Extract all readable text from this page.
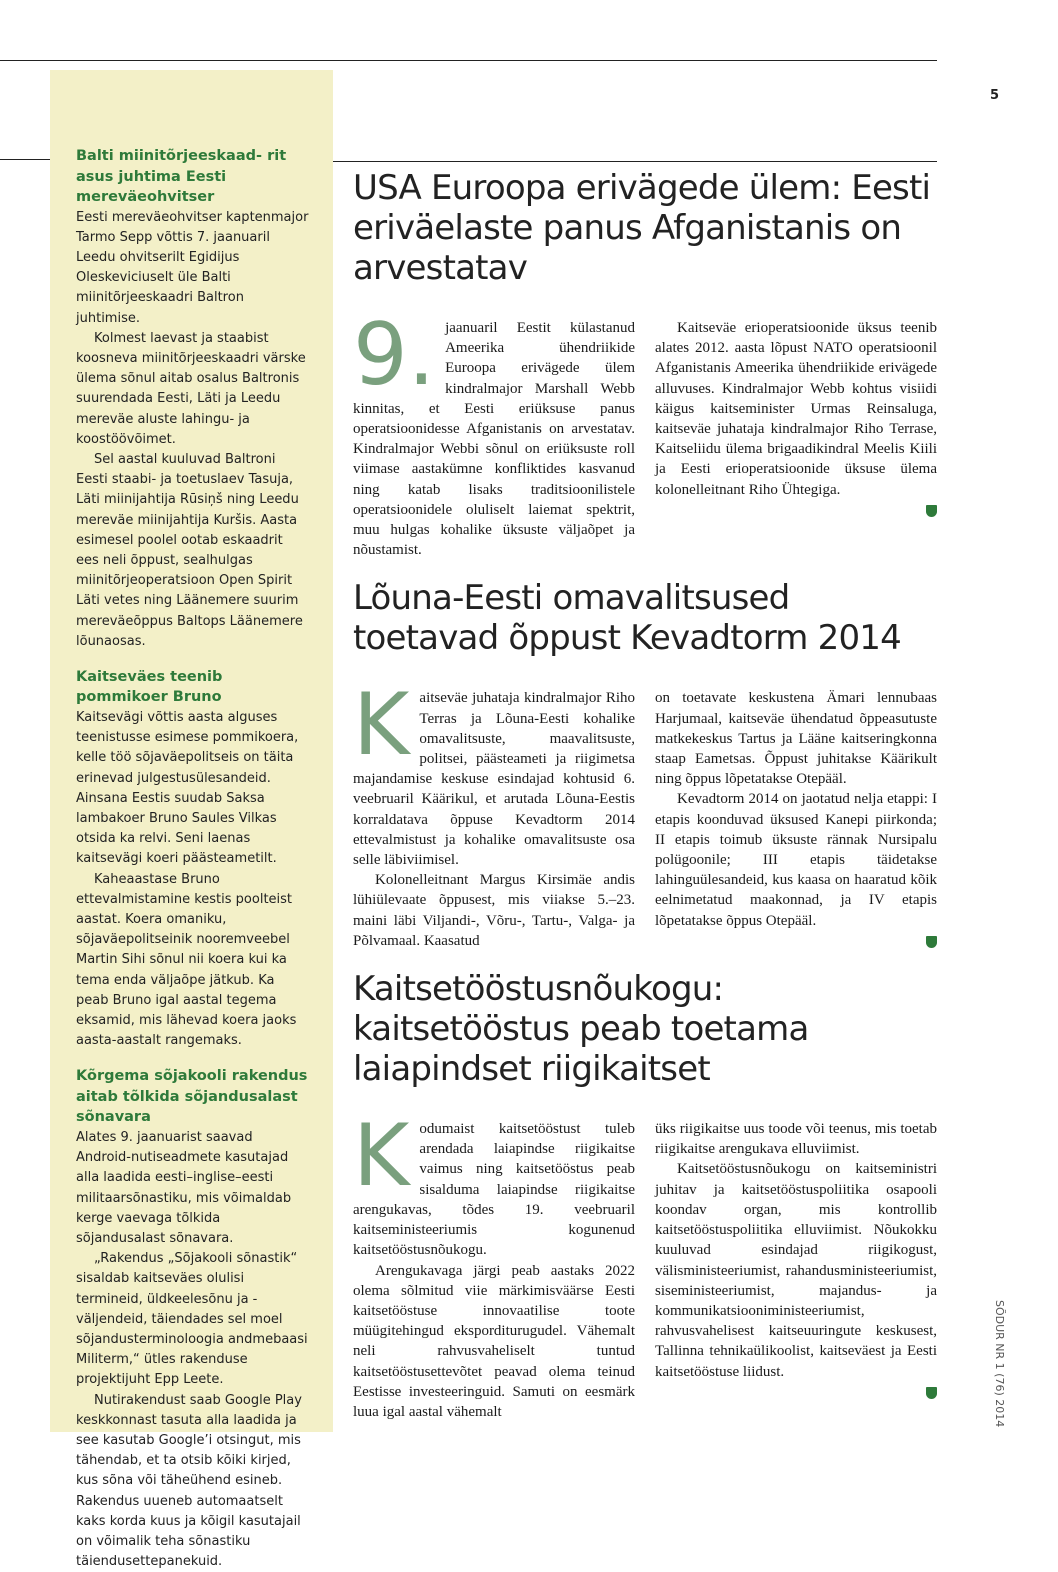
5
SÕDUR NR 1 (76) 2014
Balti miinitõrjeeskaad- rit asus juhtima Eesti mereväeohvitser

Eesti mereväeohvitser kaptenmajor Tarmo Sepp võttis 7. jaanuaril Leedu ohvitserilt Egidijus Oleskeviciuselt üle Balti miinitõrjeeskaadri Baltron juhtimise.

Kolmest laevast ja staabist koosneva miinitõrjeeskaadri värske ülema sõnul aitab osalus Baltronis suurendada Eesti, Läti ja Leedu mereväe aluste lahingu- ja koostöövõimet.

Sel aastal kuuluvad Baltroni Eesti staabi- ja toetuslaev Tasuja, Läti miinijahtija Rūsiņš ning Leedu mereväe miinijahtija Kuršis. Aasta esimesel poolel ootab eskaadrit ees neli õppust, sealhulgas miinitõrjeoperatsioon Open Spirit Läti vetes ning Läänemere suurim mereväeõppus Baltops Läänemere lõunaosas.

Kaitseväes teenib pommikoer Bruno

Kaitsevägi võttis aasta alguses teenistusse esimese pommikoera, kelle töö sõjaväepolitseis on täita erinevad julgestusülesandeid. Ainsana Eestis suudab Saksa lambakoer Bruno Saules Vilkas otsida ka relvi. Seni laenas kaitsevägi koeri päästeametilt.

Kaheaastase Bruno ettevalmistamine kestis poolteist aastat. Koera omaniku, sõjaväepolitseinik nooremveebel Martin Sihi sõnul nii koera kui ka tema enda väljaõpe jätkub. Ka peab Bruno igal aastal tegema eksamid, mis lähevad koera jaoks aasta-aastalt rangemaks.

Kõrgema sõjakooli rakendus aitab tõlkida sõjandusalast sõnavara

Alates 9. jaanuarist saavad Android-nutiseadmete kasutajad alla laadida eesti–inglise–eesti militaarsõnastiku, mis võimaldab kerge vaevaga tõlkida sõjandusalast sõnavara.

„Rakendus „Sõjakooli sõnastik“ sisaldab kaitseväes olulisi termineid, üldkeelesõnu ja -väljendeid, täiendades sel moel sõjandusterminoloogia andmebaasi Militerm,“ ütles rakenduse projektijuht Epp Leete.

Nutirakendust saab Google Play keskkonnast tasuta alla laadida ja see kasutab Google’i otsingut, mis tähendab, et ta otsib kõiki kirjed, kus sõna või täheühend esineb. Rakendus uueneb automaatselt kaks korda kuus ja kõigil kasutajail on võimalik teha sõnastiku täiendusettepanekuid.

USA Euroopa erivägede ülem: Eesti eriväelaste panus Afganistanis on arvestatav
9. jaanuaril Eestit külastanud Ameerika ühendriikide Euroopa erivägede ülem kindralmajor Marshall Webb kinnitas, et Eesti eriüksuse panus operatsioonidesse Afganistanis on arvestatav. Kindralmajor Webbi sõnul on eriüksuste roll viimase aastakümne konfliktides kasvanud ning katab lisaks traditsioonilistele operatsioonidele oluliselt laiemat spektrit, muu hulgas kohalike üksuste väljaõpet ja nõustamist.

Kaitseväe erioperatsioonide üksus teenib alates 2012. aasta lõpust NATO operatsioonil Afganistanis Ameerika ühendriikide erivägede alluvuses. Kindralmajor Webb kohtus visiidi käigus kaitseminister Urmas Reinsaluga, kaitseväe juhataja kindralmajor Riho Terrase, Kaitseliidu ülema brigaadikindral Meelis Kiili ja Eesti erioperatsioonide üksuse ülema kolonelleitnant Riho Ühtegiga.

Lõuna-Eesti omavalitsused toetavad õppust Kevadtorm 2014
K aitseväe juhataja kindralmajor Riho Terras ja Lõuna-Eesti kohalike omavalitsuste, maavalitsuste, politsei, päästeameti ja riigimetsa majandamise keskuse esindajad kohtusid 6. veebruaril Käärikul, et arutada Lõuna-Eestis korraldatava õppuse Kevadtorm 2014 ettevalmistust ja kohalike omavalitsuste osa selle läbiviimisel.

Kolonelleitnant Margus Kirsimäe andis lühiülevaate õppusest, mis viiakse 5.–23. maini läbi Viljandi-, Võru-, Tartu-, Valga- ja Põlvamaal. Kaasatud

on toetavate keskustena Ämari lennubaas Harjumaal, kaitseväe ühendatud õppeasutuste matkekeskus Tartus ja Lääne kaitseringkonna staap Eametsas. Õppust juhitakse Käärikult ning õppus lõpetatakse Otepääl.

Kevadtorm 2014 on jaotatud nelja etappi: I etapis koonduvad üksused Kanepi piirkonda; II etapis toimub üksuste rännak Nursipalu polügoonile; III etapis täidetakse lahinguülesandeid, kus kaasa on haaratud kõik eelnimetatud maakonnad, ja IV etapis lõpetatakse õppus Otepääl.

Kaitsetööstusnõukogu: kaitsetööstus peab toetama laiapindset riigikaitset
K odumaist kaitsetööstust tuleb arendada laiapindse riigikaitse vaimus ning kaitsetööstus peab sisalduma laiapindse riigikaitse arengukavas, tõdes 19. veebruaril kaitseministeeriumis kogunenud kaitsetööstusnõukogu.

Arengukavaga järgi peab aastaks 2022 olema sõlmitud viie märkimisväärse Eesti kaitsetööstuse innovaatilise toote müügitehingud eksporditurugudel. Vähemalt neli rahvusvaheliselt tuntud kaitsetööstusettevõtet peavad olema teinud Eestisse investeeringuid. Samuti on eesmärk luua igal aastal vähemalt

üks riigikaitse uus toode või teenus, mis toetab riigikaitse arengukava elluviimist.

Kaitsetööstusnõukogu on kaitseministri juhitav ja kaitsetööstuspoliitika osapooli koondav organ, mis kontrollib kaitsetööstuspoliitika elluviimist. Nõukokku kuuluvad esindajad riigikogust, välisministeeriumist, rahandusministeeriumist, siseministeeriumist, majandus- ja kommunikatsiooniministeeriumist, rahvusvahelisest kaitseuuringute keskusest, Tallinna tehnikaülikoolist, kaitseväest ja Eesti kaitsetööstuse liidust.
